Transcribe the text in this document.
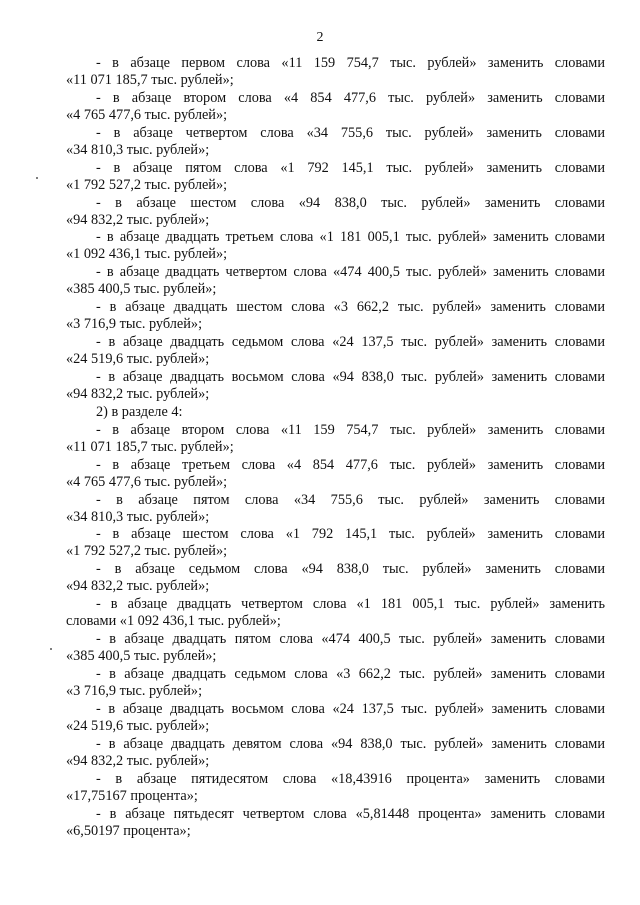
2
- в абзаце первом слова «11 159 754,7 тыс. рублей» заменить словами
«11 071 185,7 тыс. рублей»;
- в абзаце втором слова «4 854 477,6 тыс. рублей» заменить словами
«4 765 477,6 тыс. рублей»;
- в абзаце четвертом слова «34 755,6 тыс. рублей» заменить словами
«34 810,3 тыс. рублей»;
- в абзаце пятом слова «1 792 145,1 тыс. рублей» заменить словами
«1 792 527,2 тыс. рублей»;
- в абзаце шестом слова «94 838,0 тыс. рублей» заменить словами
«94 832,2 тыс. рублей»;
- в абзаце двадцать третьем слова «1 181 005,1 тыс. рублей» заменить словами
«1 092 436,1 тыс. рублей»;
- в абзаце двадцать четвертом слова «474 400,5 тыс. рублей» заменить словами
«385 400,5 тыс. рублей»;
- в абзаце двадцать шестом слова «3 662,2 тыс. рублей» заменить словами
«3 716,9 тыс. рублей»;
- в абзаце двадцать седьмом слова «24 137,5 тыс. рублей» заменить словами
«24 519,6 тыс. рублей»;
- в абзаце двадцать восьмом слова «94 838,0 тыс. рублей» заменить словами
«94 832,2 тыс. рублей»;
2) в разделе 4:
- в абзаце втором слова «11 159 754,7 тыс. рублей» заменить словами
«11 071 185,7 тыс. рублей»;
- в абзаце третьем слова «4 854 477,6 тыс. рублей» заменить словами
«4 765 477,6 тыс. рублей»;
- в абзаце пятом слова «34 755,6 тыс. рублей» заменить словами
«34 810,3 тыс. рублей»;
- в абзаце шестом слова «1 792 145,1 тыс. рублей» заменить словами
«1 792 527,2 тыс. рублей»;
- в абзаце седьмом слова «94 838,0 тыс. рублей» заменить словами
«94 832,2 тыс. рублей»;
- в абзаце двадцать четвертом слова «1 181 005,1 тыс. рублей» заменить
словами «1 092 436,1 тыс. рублей»;
- в абзаце двадцать пятом слова «474 400,5 тыс. рублей» заменить словами
«385 400,5 тыс. рублей»;
- в абзаце двадцать седьмом слова «3 662,2 тыс. рублей» заменить словами
«3 716,9 тыс. рублей»;
- в абзаце двадцать восьмом слова «24 137,5 тыс. рублей» заменить словами
«24 519,6 тыс. рублей»;
- в абзаце двадцать девятом слова «94 838,0 тыс. рублей» заменить словами
«94 832,2 тыс. рублей»;
- в абзаце пятидесятом слова «18,43916 процента» заменить словами
«17,75167 процента»;
- в абзаце пятьдесят четвертом слова «5,81448 процента» заменить словами
«6,50197 процента»;
